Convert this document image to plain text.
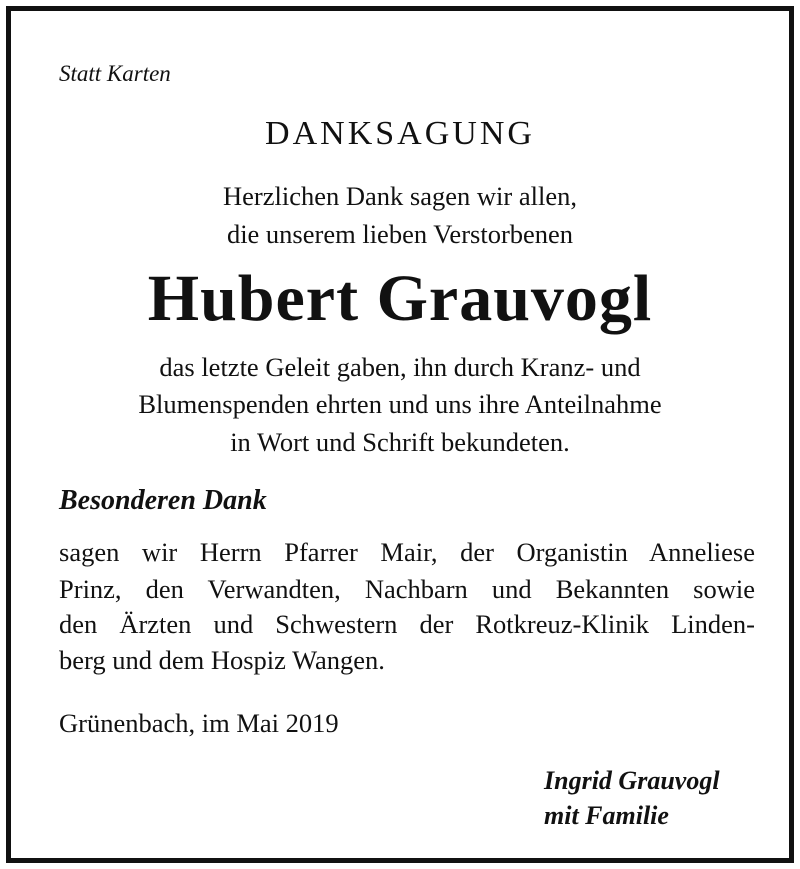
Statt Karten

DANKSAGUNG

Herzlichen Dank sagen wir allen,

die unserem lieben Verstorbenen

Hubert Grauvogl

das letzte Geleit gaben, ihn durch Kranz- und

Blumenspenden ehrten und uns ihre Anteilnahme

in Wort und Schrift bekundeten.

Besonderen Dank

sagen wir Herrn Pfarrer Mair, der Organistin Anneliese

Prinz, den Verwandten, Nachbarn und Bekannten sowie

den Ärzten und Schwestern der Rotkreuz-Klinik Linden-

berg und dem Hospiz Wangen.

Grünenbach, im Mai 2019

Ingrid Grauvogl

mit Familie
